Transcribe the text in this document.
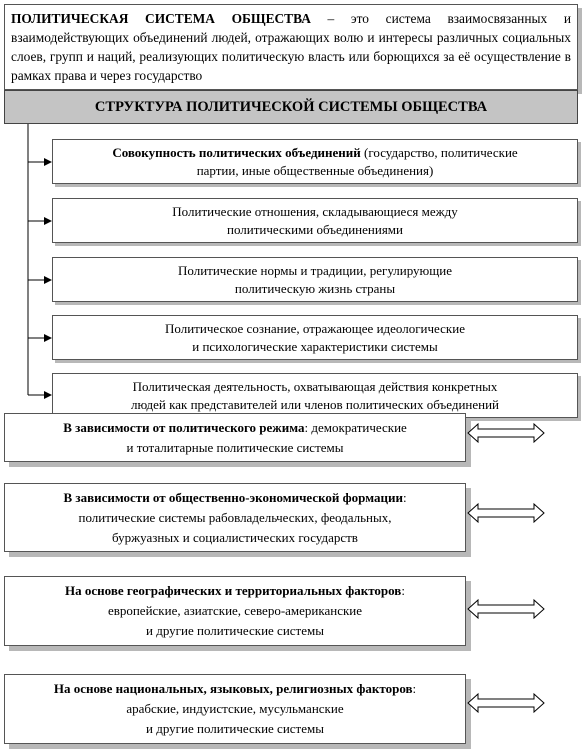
ПОЛИТИЧЕСКАЯ СИСТЕМА ОБЩЕСТВА – это система взаимосвязанных и взаимодействующих объединений людей, отражающих волю и интересы различных социальных слоев, групп и наций, реализующих политическую власть или борющихся за её осуществление в рамках права и через государство
СТРУКТУРА ПОЛИТИЧЕСКОЙ СИСТЕМЫ ОБЩЕСТВА
Совокупность политических объединений (государство, политические
партии, иные общественные объединения)
Политические отношения, складывающиеся между
политическими объединениями
Политические нормы и традиции, регулирующие
политическую жизнь страны
Политическое сознание, отражающее идеологические
и психологические характеристики системы
Политическая деятельность, охватывающая действия конкретных
людей как представителей или членов политических объединений
В зависимости от политического режима: демократические
и тоталитарные политические системы
В зависимости от общественно-экономической формации:
политические системы рабовладельческих, феодальных,
буржуазных и социалистических государств
На основе географических и территориальных факторов:
европейские, азиатские, северо-американские
и другие политические системы
На основе национальных, языковых, религиозных факторов:
арабские, индуистские, мусульманские
и другие политические системы
